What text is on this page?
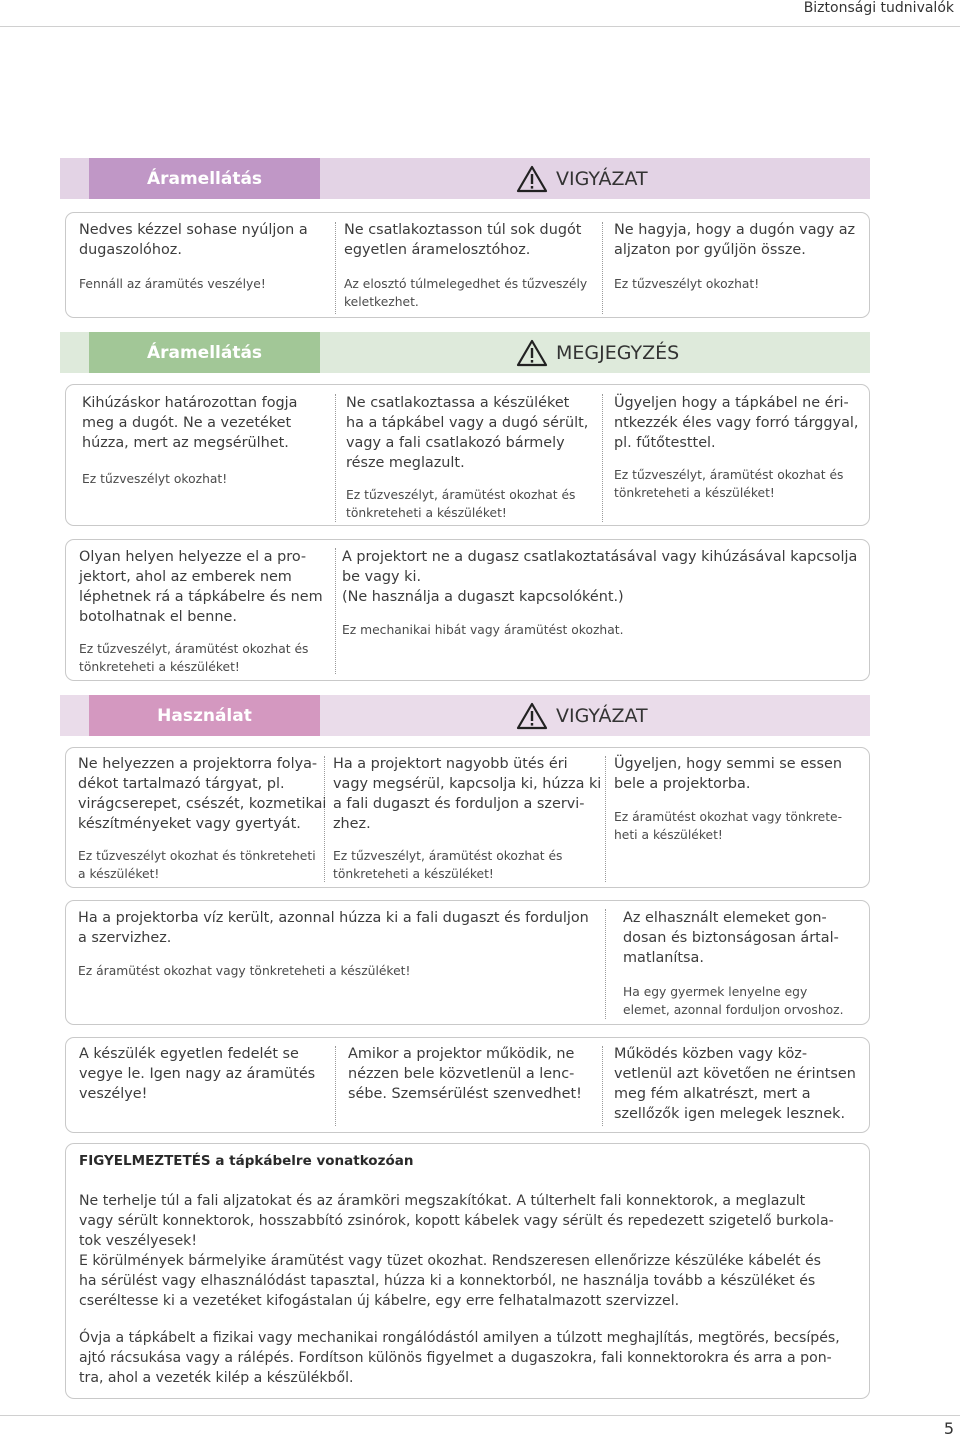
Biztonsági tudnivalók
Áramellátás	VIGYÁZAT
Nedves kézzel sohase nyúljon a
dugaszolóhoz.
Fennáll az áramütés veszélye!
Ne csatlakoztasson túl sok dugót
egyetlen áramelosztóhoz.
Az elosztó túlmelegedhet és tűzveszély
keletkezhet.
Ne hagyja, hogy a dugón vagy az
aljzaton por gyűljön össze.
Ez tűzveszélyt okozhat!
Áramellátás	MEGJEGYZÉS
Kihúzáskor határozottan fogja
meg a dugót. Ne a vezetéket
húzza, mert az megsérülhet.
Ez tűzveszélyt okozhat!
Ne csatlakoztassa a készüléket
ha a tápkábel vagy a dugó sérült,
vagy a fali csatlakozó bármely
része meglazult.
Ez tűzveszélyt, áramütést okozhat és
tönkreteheti a készüléket!
Ügyeljen hogy a tápkábel ne éri-
ntkezzék éles vagy forró tárggyal,
pl. fűtőtesttel.
Ez tűzveszélyt, áramütést okozhat és
tönkreteheti a készüléket!
Olyan helyen helyezze el a pro-
jektort, ahol az emberek nem
léphetnek rá a tápkábelre és nem
botolhatnak el benne.
Ez tűzveszélyt, áramütést okozhat és
tönkreteheti a készüléket!
A projektort ne a dugasz csatlakoztatásával vagy kihúzásával kapcsolja
be vagy ki.
(Ne használja a dugaszt kapcsolóként.)
Ez mechanikai hibát vagy áramütést okozhat.
Használat	VIGYÁZAT
Ne helyezzen a projektorra folya-
dékot tartalmazó tárgyat, pl.
virágcserepet, csészét, kozmetikai
készítményeket vagy gyertyát.
Ez tűzveszélyt okozhat és tönkreteheti
a készüléket!
Ha a projektort nagyobb ütés éri
vagy megsérül, kapcsolja ki, húzza ki
a fali dugaszt és forduljon a szervi-
zhez.
Ez tűzveszélyt, áramütést okozhat és
tönkreteheti a készüléket!
Ügyeljen, hogy semmi se essen
bele a projektorba.
Ez áramütést okozhat vagy tönkrete-
heti a készüléket!
Ha a projektorba víz került, azonnal húzza ki a fali dugaszt és forduljon
a szervizhez.
Ez áramütést okozhat vagy tönkreteheti a készüléket!
Az elhasznált elemeket gon-
dosan és biztonságosan ártal-
matlanítsa.
Ha egy gyermek lenyelne egy
elemet, azonnal forduljon orvoshoz.
A készülék egyetlen fedelét se
vegye le. Igen nagy az áramütés
veszélye!
Amikor a projektor működik, ne
nézzen bele közvetlenül a lenc-
sébe. Szemsérülést szenvedhet!
Működés közben vagy köz-
vetlenül azt követően ne érintsen
meg fém alkatrészt, mert a
szellőzők igen melegek lesznek.
FIGYELMEZTETÉS a tápkábelre vonatkozóan
Ne terhelje túl a fali aljzatokat és az áramköri megszakítókat. A túlterhelt fali konnektorok, a meglazult
vagy sérült konnektorok, hosszabbító zsinórok, kopott kábelek vagy sérült és repedezett szigetelő burkola-
tok veszélyesek!
E körülmények bármelyike áramütést vagy tüzet okozhat. Rendszeresen ellenőrizze készüléke kábelét és
ha sérülést vagy elhasználódást tapasztal, húzza ki a konnektorból, ne használja tovább a készüléket és
cseréltesse ki a vezetéket kifogástalan új kábelre, egy erre felhatalmazott szervizzel.
Óvja a tápkábelt a fizikai vagy mechanikai rongálódástól amilyen a túlzott meghajlítás, megtörés, becsípés,
ajtó rácsukása vagy a rálépés. Fordítson különös figyelmet a dugaszokra, fali konnektorokra és arra a pon-
tra, ahol a vezeték kilép a készülékből.
5
